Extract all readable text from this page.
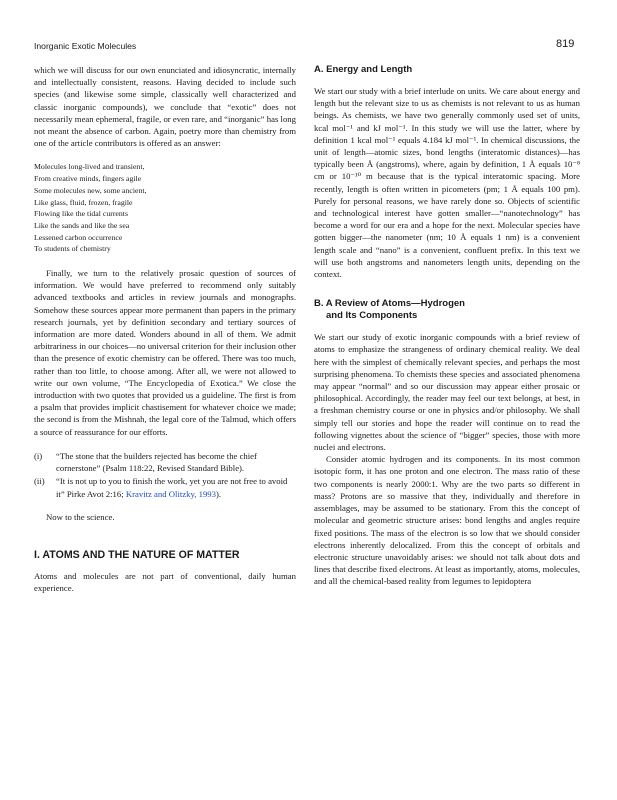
Inorganic Exotic Molecules	819

which we will discuss for our own enunciated and idiosyncratic, internally and intellectually consistent, reasons. Having decided to include such species (and likewise some simple, classically well characterized and classic inorganic compounds), we conclude that “exotic” does not necessarily mean ephemeral, fragile, or even rare, and “inorganic” has long not meant the absence of carbon. Again, poetry more than chemistry from one of the article contributors is offered as an answer:

Molecules long-lived and transient,
From creative minds, fingers agile
Some molecules new, some ancient,
Like glass, fluid, frozen, fragile
Flowing like the tidal currents
Like the sands and like the sea
Lessened carbon occurrence
To students of chemistry

Finally, we turn to the relatively prosaic question of sources of information. We would have preferred to recommend only suitably advanced textbooks and articles in review journals and monographs. Somehow these sources appear more permanent than papers in the primary research journals, yet by definition secondary and tertiary sources of information are more dated. Wonders abound in all of them. We admit arbitrariness in our choices—no universal criterion for their inclusion other than the presence of exotic chemistry can be offered. There was too much, rather than too little, to choose among. After all, we were not allowed to write our own volume, “The Encyclopedia of Exotica.” We close the introduction with two quotes that provided us a guideline. The first is from a psalm that provides implicit chastisement for whatever choice we made; the second is from the Mishnah, the legal core of the Talmud, which offers a source of reassurance for our efforts.

(i)	“The stone that the builders rejected has become the chief cornerstone” (Psalm 118:22, Revised Standard Bible).
(ii)	“It is not up to you to finish the work, yet you are not free to avoid it” Pirke Avot 2:16; Kravitz and Olitzky, 1993).

Now to the science.

I. ATOMS AND THE NATURE OF MATTER

Atoms and molecules are not part of conventional, daily human experience.

A. Energy and Length

We start our study with a brief interlude on units. We care about energy and length but the relevant size to us as chemists is not relevant to us as human beings. As chemists, we have two generally commonly used set of units, kcal mol⁻¹ and kJ mol⁻¹. In this study we will use the latter, where by definition 1 kcal mol⁻¹ equals 4.184 kJ mol⁻¹. In chemical discussions, the unit of length—atomic sizes, bond lengths (interatomic distances)—has typically been Å (angstroms), where, again by definition, 1 Å equals 10⁻⁸ cm or 10⁻¹⁰ m because that is the typical interatomic spacing. More recently, length is often written in picometers (pm; 1 Å equals 100 pm). Purely for personal reasons, we have rarely done so. Objects of scientific and technological interest have gotten smaller—“nanotechnology” has become a word for our era and a hope for the next. Molecular species have gotten bigger—the nanometer (nm; 10 Å equals 1 nm) is a convenient length scale and “nano” is a convenient, confluent prefix. In this text we will use both angstroms and nanometers length units, depending on the context.

B. A Review of Atoms—Hydrogen
and Its Components

We start our study of exotic inorganic compounds with a brief review of atoms to emphasize the strangeness of ordinary chemical reality. We deal here with the simplest of chemically relevant species, and perhaps the most surprising phenomena. To chemists these species and associated phenomena may appear “normal” and so our discussion may appear either prosaic or philosophical. Accordingly, the reader may feel our text belongs, at best, in a freshman chemistry course or one in physics and/or philosophy. We shall simply tell our stories and hope the reader will continue on to read the following vignettes about the science of “bigger” species, those with more nuclei and electrons.

Consider atomic hydrogen and its components. In its most common isotopic form, it has one proton and one electron. The mass ratio of these two components is nearly 2000:1. Why are the two parts so different in mass? Protons are so massive that they, individually and therefore in assemblages, may be assumed to be stationary. From this the concept of molecular and geometric structure arises: bond lengths and angles require fixed positions. The mass of the electron is so low that we should consider electrons inherently delocalized. From this the concept of orbitals and electronic structure unavoidably arises: we should not talk about dots and lines that describe fixed electrons. At least as importantly, atoms, molecules, and all the chemical-based reality from legumes to lepidoptera
